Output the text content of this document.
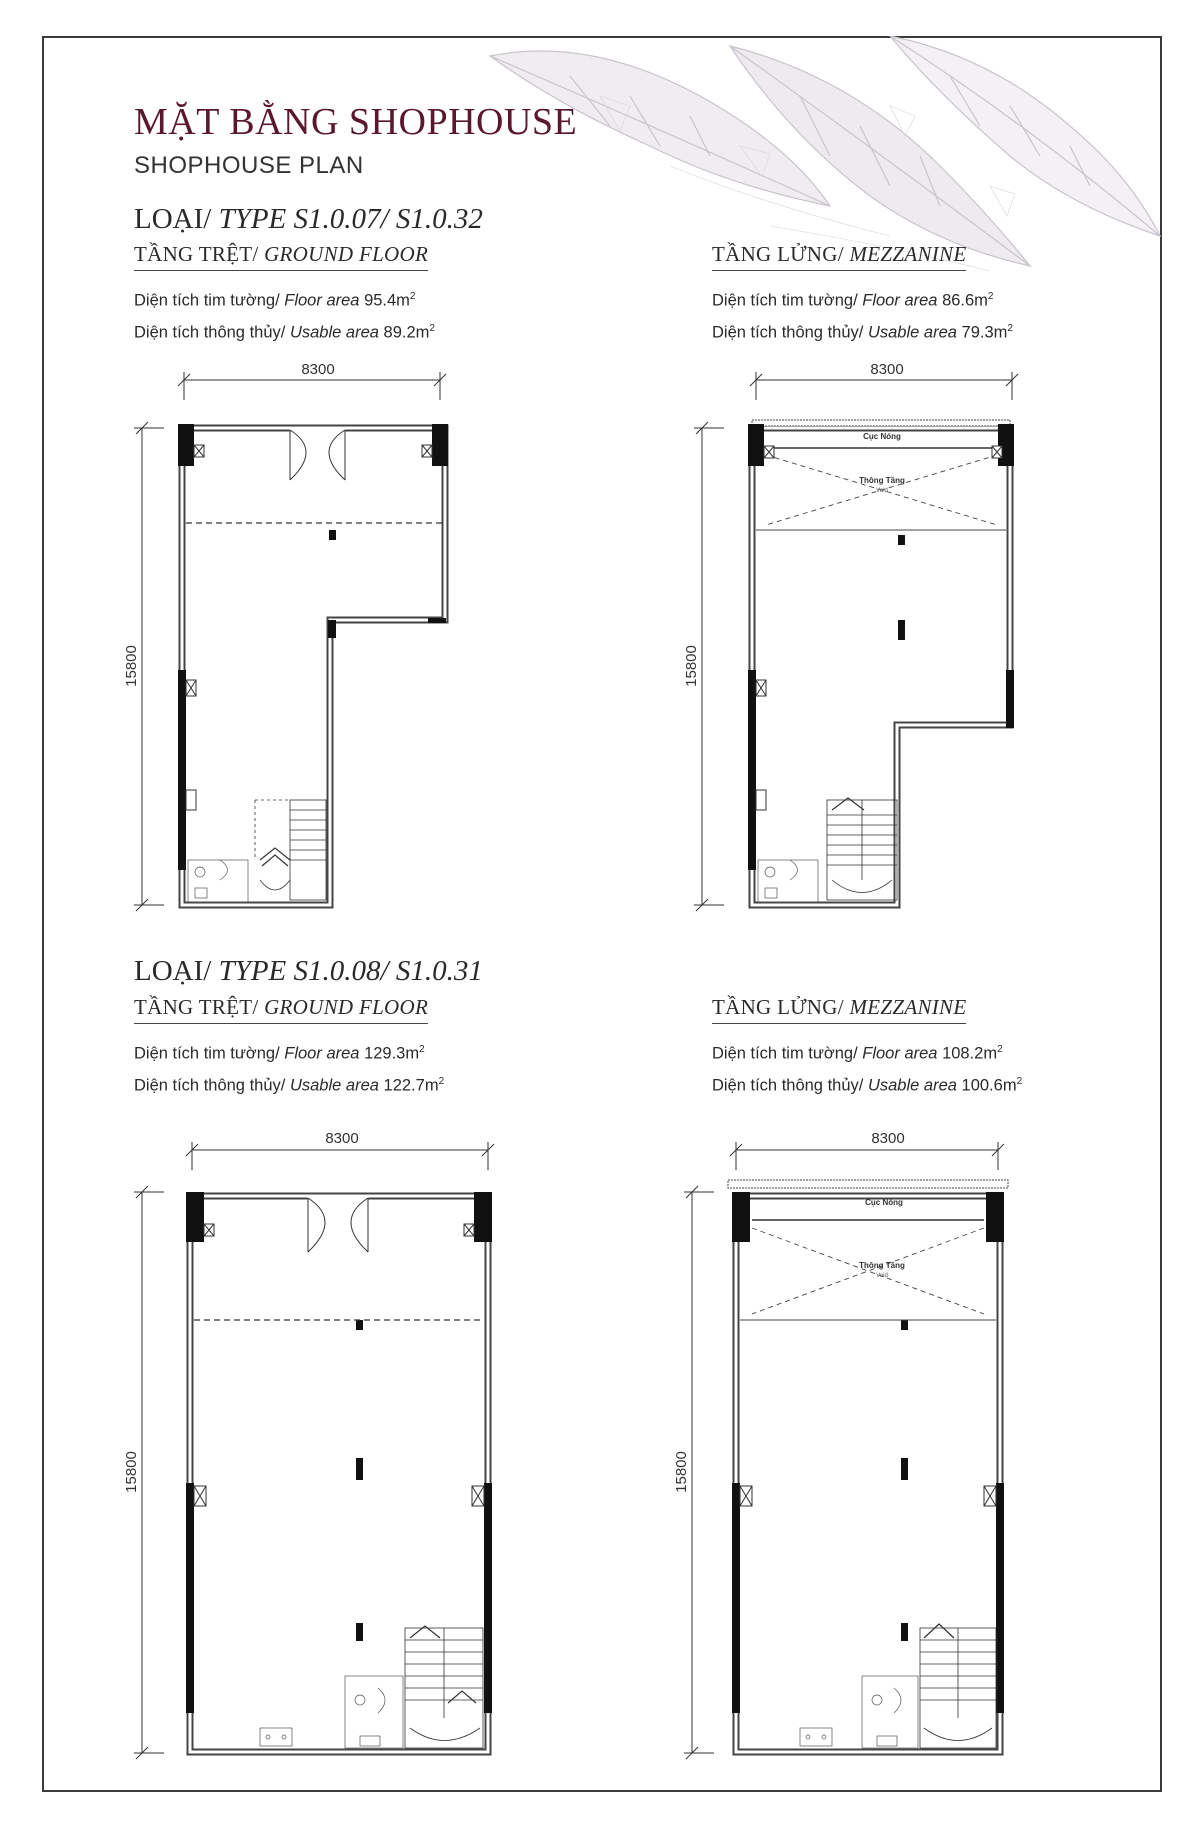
MẶT BẰNG SHOPHOUSE
SHOPHOUSE PLAN
LOẠI/ TYPE S1.0.07/ S1.0.32
TẦNG TRỆT/ GROUND FLOOR
Diện tích tim tường/ Floor area $95.4m^2$
Diện tích thông thủy/ Usable area $89.2m^2$
TẦNG LỬNG/ MEZZANINE
Diện tích tim tường/ Floor area $86.6m^2$
Diện tích thông thủy/ Usable area $79.3m^2$
8300
15800
8300
15800
Cục Nóng
Thông Tầng
Void
LOẠI/ TYPE S1.0.08/ S1.0.31
TẦNG TRỆT/ GROUND FLOOR
Diện tích tim tường/ Floor area $129.3m^2$
Diện tích thông thủy/ Usable area $122.7m^2$
TẦNG LỬNG/ MEZZANINE
Diện tích tim tường/ Floor area $108.2m^2$
Diện tích thông thủy/ Usable area $100.6m^2$
8300
15800
8300
15800
Cục Nóng
Thông Tầng
Void
